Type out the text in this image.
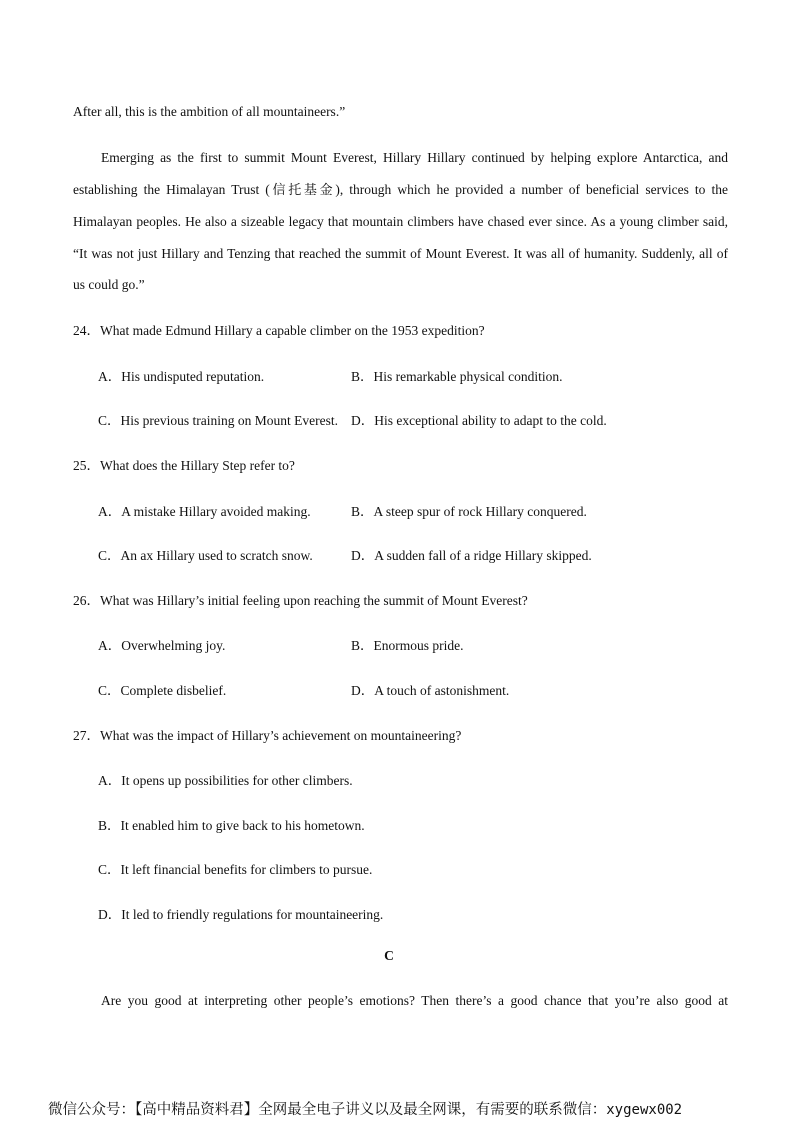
After all, this is the ambition of all mountaineers.”
Emerging as the first to summit Mount Everest, Hillary Hillary continued by helping explore Antarctica, and establishing the Himalayan Trust (信托基金), through which he provided a number of beneficial services to the Himalayan peoples. He also a sizeable legacy that mountain climbers have chased ever since. As a young climber said, “It was not just Hillary and Tenzing that reached the summit of Mount Everest. It was all of humanity. Suddenly, all of us could go.”
24．What made Edmund Hillary a capable climber on the 1953 expedition?
A．His undisputed reputation.	B．His remarkable physical condition.
C．His previous training on Mount Everest. D．His exceptional ability to adapt to the cold.
25．What does the Hillary Step refer to?
A．A mistake Hillary avoided making.	B．A steep spur of rock Hillary conquered.
C．An ax Hillary used to scratch snow.	D．A sudden fall of a ridge Hillary skipped.
26．What was Hillary’s initial feeling upon reaching the summit of Mount Everest?
A．Overwhelming joy.	B．Enormous pride.
C．Complete disbelief.	D．A touch of astonishment.
27．What was the impact of Hillary’s achievement on mountaineering?
A．It opens up possibilities for other climbers.
B．It enabled him to give back to his hometown.
C．It left financial benefits for climbers to pursue.
D．It led to friendly regulations for mountaineering.
C
Are you good at interpreting other people’s emotions? Then there’s a good chance that you’re also good at
微信公众号：【高中精品资料君】全网最全电子讲义以及最全网课，有需要的联系微信：xygewx002
